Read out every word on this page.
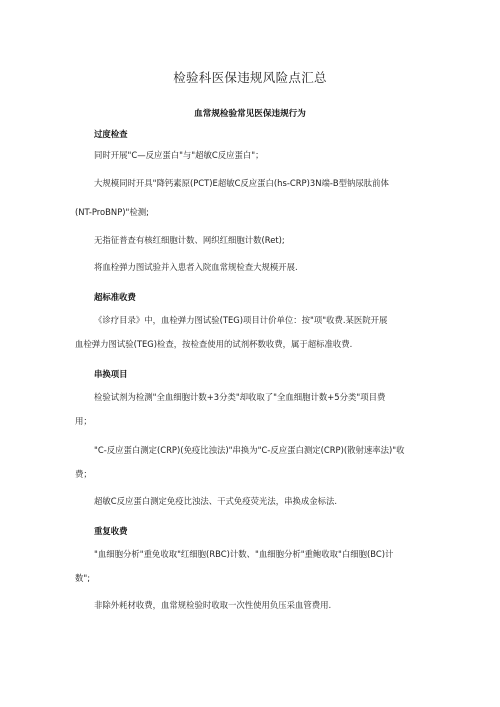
检验科医保违规风险点汇总
血常规检验常见医保违规行为
过度检查
同时开展"C—反应蛋白"与"超敏C反应蛋白"；
大规模同时开具"降钙素原(PCT)E超敏C反应蛋白(hs-CRP)3N端-B型钠尿肽前体
(NT-ProBNP)"检测;
无指征普查有核红细胞计数、网织红细胞计数(Ret);
将血栓弹力图试验并入患者入院血常规检查大规模开展.
超标准收费
《诊疗目录》中，血栓弹力图试验(TEG)项目计价单位：按"项"收费.某医院开展
血栓弹力图试验(TEG)检查，按检查使用的试剂杯数收费，属于超标准收费.
串换项目
检验试剂为检测"全血细胞计数+3分类"却收取了"全血细胞计数+5分类"项目费
用；
"C-反应蛋白测定(CRP)(免疫比浊法)"串换为"C-反应蛋白测定(CRP)(散射速率法)"收
费；
超敏C反应蛋白测定免疫比浊法、干式免疫荧光法，串换成金标法.
重复收费
"血细胞分析"重免收取"红细胞(RBC)计数、"血细胞分析"重鲍收取"白细胞(BC)计
数";
非除外耗材收费，血常规检验时收取一次性使用负压采血管费用.
